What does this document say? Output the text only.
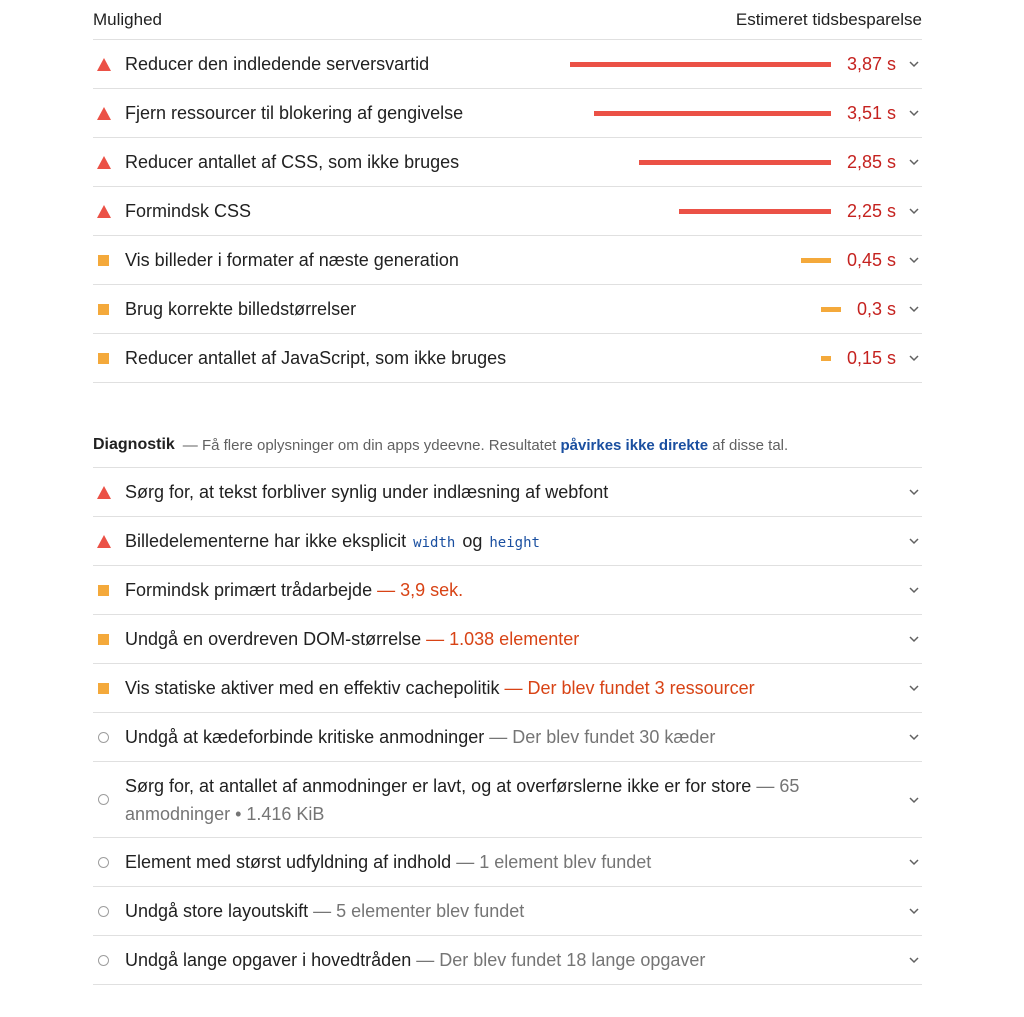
Mulighed	Estimeret tidsbesparelse
Reducer den indledende serversvartid	3,87 s
Fjern ressourcer til blokering af gengivelse	3,51 s
Reducer antallet af CSS, som ikke bruges	2,85 s
Formindsk CSS	2,25 s
Vis billeder i formater af næste generation	0,45 s
Brug korrekte billedstørrelser	0,3 s
Reducer antallet af JavaScript, som ikke bruges	0,15 s
Diagnostik — Få flere oplysninger om din apps ydeevne. Resultatet påvirkes ikke direkte af disse tal.
Sørg for, at tekst forbliver synlig under indlæsning af webfont
Billedelementerne har ikke eksplicit width og height
Formindsk primært trådarbejde — 3,9 sek.
Undgå en overdreven DOM-størrelse — 1.038 elementer
Vis statiske aktiver med en effektiv cachepolitik — Der blev fundet 3 ressourcer
Undgå at kædeforbinde kritiske anmodninger — Der blev fundet 30 kæder
Sørg for, at antallet af anmodninger er lavt, og at overførslerne ikke er for store — 65 anmodninger • 1.416 KiB
Element med størst udfyldning af indhold — 1 element blev fundet
Undgå store layoutskift — 5 elementer blev fundet
Undgå lange opgaver i hovedtråden — Der blev fundet 18 lange opgaver
